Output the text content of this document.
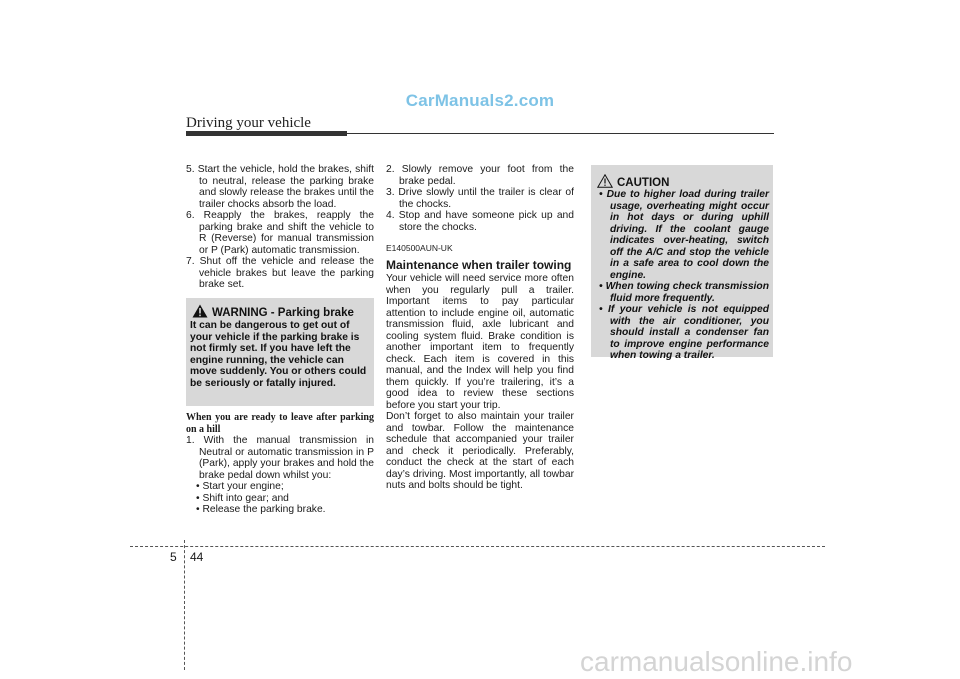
CarManuals2.com
Driving your vehicle

5. Start the vehicle, hold the brakes, shift to neutral, release the parking brake and slowly release the brakes until the trailer chocks absorb the load.

6. Reapply the brakes, reapply the parking brake and shift the vehicle to R (Reverse) for manual transmission or P (Park) automatic transmission.

7. Shut off the vehicle and release the vehicle brakes but leave the parking brake set.

WARNING - Parking brake
It can be dangerous to get out of your vehicle if the parking brake is not firmly set. If you have left the engine running, the vehicle can move suddenly. You or others could be seriously or fatally injured.
When you are ready to leave after parking on a hill

1. With the manual transmission in Neutral or automatic transmission in P (Park), apply your brakes and hold the brake pedal down whilst you:

• Start your engine;

• Shift into gear; and

• Release the parking brake.

2. Slowly remove your foot from the brake pedal.

3. Drive slowly until the trailer is clear of the chocks.

4. Stop and have someone pick up and store the chocks.

E140500AUN-UK
Maintenance when trailer towing

Your vehicle will need service more often when you regularly pull a trailer. Important items to pay particular attention to include engine oil, automatic transmission fluid, axle lubricant and cooling system fluid. Brake condition is another important item to frequently check. Each item is covered in this manual, and the Index will help you find them quickly. If you’re trailering, it’s a good idea to review these sections before you start your trip.

Don’t forget to also maintain your trailer and towbar. Follow the maintenance schedule that accompanied your trailer and check it periodically. Preferably, conduct the check at the start of each day’s driving. Most importantly, all towbar nuts and bolts should be tight.

CAUTION

• Due to higher load during trailer usage, overheating might occur in hot days or during uphill driving. If the coolant gauge indicates over-heating, switch off the A/C and stop the vehicle in a safe area to cool down the engine.

• When towing check transmission fluid more frequently.

• If your vehicle is not equipped with the air conditioner, you should install a condenser fan to improve engine performance when towing a trailer.

5 44
carmanualsonline.info
